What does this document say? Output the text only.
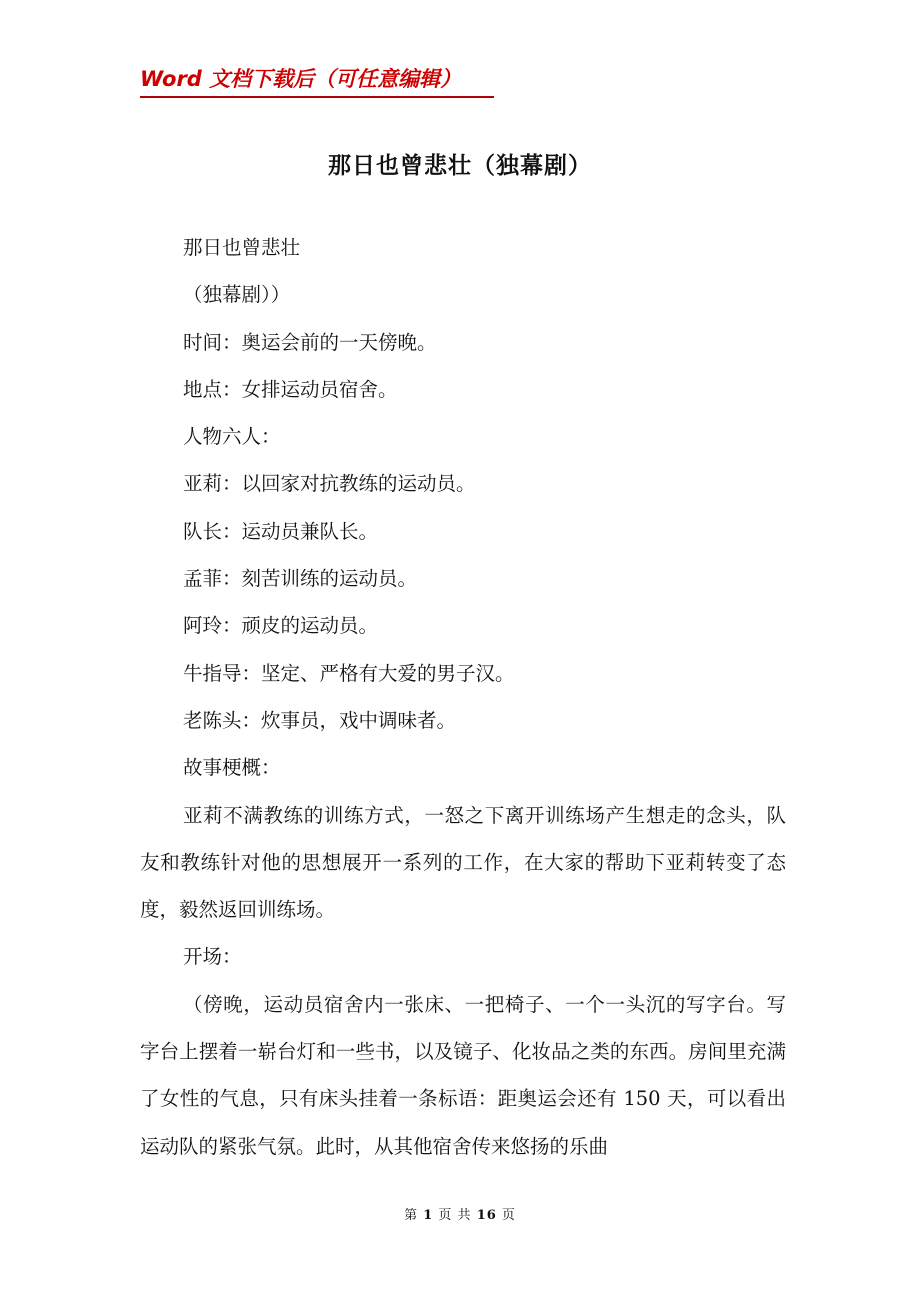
Word 文档下载后（可任意编辑）
那日也曾悲壮（独幕剧）

那日也曾悲壮

（独幕剧））

时间：奥运会前的一天傍晚。

地点：女排运动员宿舍。

人物六人：

亚莉：以回家对抗教练的运动员。

队长：运动员兼队长。

孟菲：刻苦训练的运动员。

阿玲：顽皮的运动员。

牛指导：坚定、严格有大爱的男子汉。

老陈头：炊事员，戏中调味者。

故事梗概：

亚莉不满教练的训练方式，一怒之下离开训练场产生想走的念头，队友和教练针对他的思想展开一系列的工作，在大家的帮助下亚莉转变了态度，毅然返回训练场。

开场：

（傍晚，运动员宿舍内一张床、一把椅子、一个一头沉的写字台。写字台上摆着一崭台灯和一些书，以及镜子、化妆品之类的东西。房间里充满了女性的气息，只有床头挂着一条标语：距奥运会还有 150 天，可以看出运动队的紧张气氛。此时，从其他宿舍传来悠扬的乐曲

第 1 页 共 16 页
